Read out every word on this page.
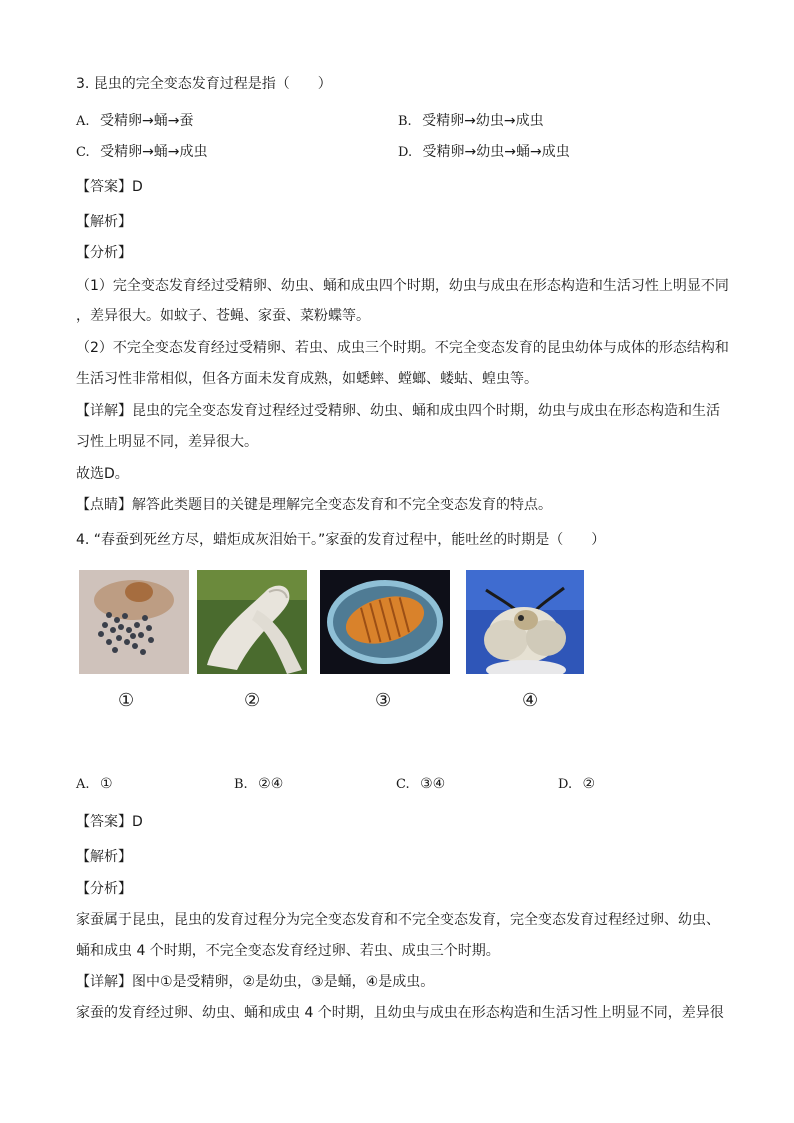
3. 昆虫的完全变态发育过程是指（　　）
A. 受精卵→蛹→蚕	B. 受精卵→幼虫→成虫
C. 受精卵→蛹→成虫	D. 受精卵→幼虫→蛹→成虫
【答案】D
【解析】
【分析】
（1）完全变态发育经过受精卵、幼虫、蛹和成虫四个时期，幼虫与成虫在形态构造和生活习性上明显不同
，差异很大。如蚊子、苍蝇、家蚕、菜粉蝶等。
（2）不完全变态发育经过受精卵、若虫、成虫三个时期。不完全变态发育的昆虫幼体与成体的形态结构和
生活习性非常相似，但各方面未发育成熟，如蟋蟀、螳螂、蝼蛄、蝗虫等。
【详解】昆虫的完全变态发育过程经过受精卵、幼虫、蛹和成虫四个时期，幼虫与成虫在形态构造和生活
习性上明显不同，差异很大。
故选D。
【点睛】解答此类题目的关键是理解完全变态发育和不完全变态发育的特点。
4. “春蚕到死丝方尽，蜡炬成灰泪始干。”家蚕的发育过程中，能吐丝的时期是（　　）
①	②	③	④
A. ①	B. ②④	C. ③④	D. ②
【答案】D
【解析】
【分析】
家蚕属于昆虫，昆虫的发育过程分为完全变态发育和不完全变态发育，完全变态发育过程经过卵、幼虫、
蛹和成虫 4 个时期，不完全变态发育经过卵、若虫、成虫三个时期。
【详解】图中①是受精卵，②是幼虫，③是蛹，④是成虫。
家蚕的发育经过卵、幼虫、蛹和成虫 4 个时期，且幼虫与成虫在形态构造和生活习性上明显不同，差异很
